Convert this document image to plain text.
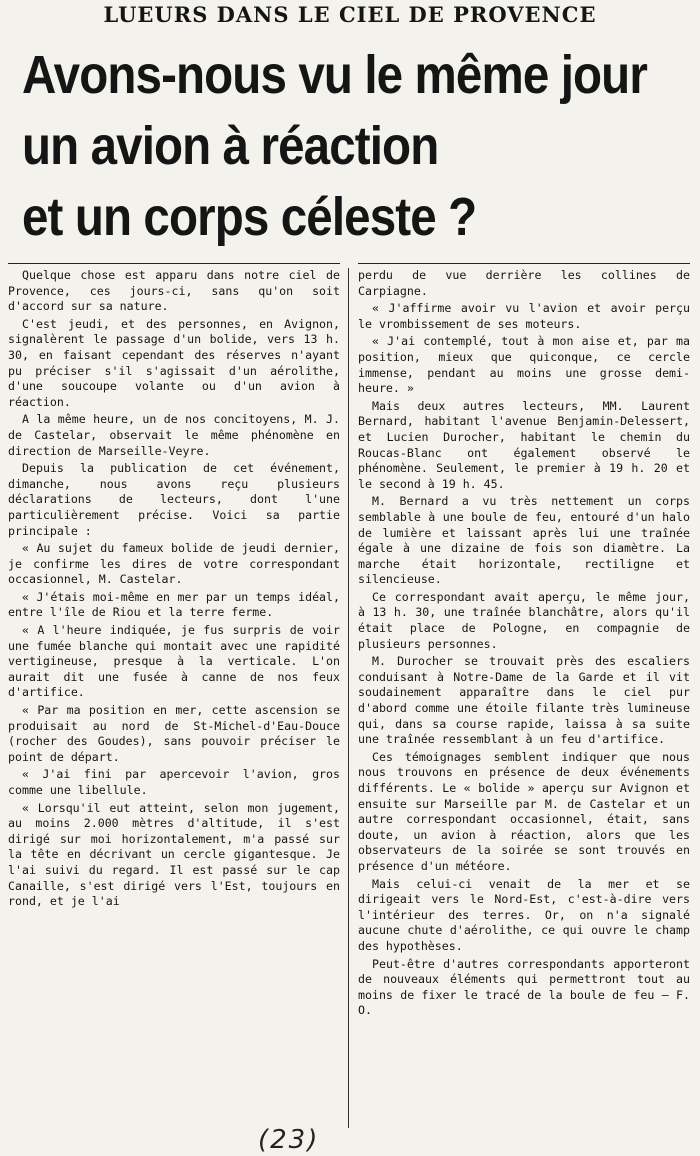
LUEURS DANS LE CIEL DE PROVENCE
Avons-nous vu le même jour
un avion à réaction
et un corps céleste ?

Quelque chose est apparu dans notre ciel de Provence, ces jours-ci, sans qu'on soit d'accord sur sa nature.

C'est jeudi, et des personnes, en Avignon, signalèrent le passage d'un bolide, vers 13 h. 30, en faisant cependant des réserves n'ayant pu préciser s'il s'agissait d'un aérolithe, d'une soucoupe volante ou d'un avion à réaction.

A la même heure, un de nos concitoyens, M. J. de Castelar, observait le même phénomène en direction de Marseille-Veyre.

Depuis la publication de cet événement, dimanche, nous avons reçu plusieurs déclarations de lecteurs, dont l'une particulièrement précise. Voici sa partie principale :

« Au sujet du fameux bolide de jeudi dernier, je confirme les dires de votre correspondant occasionnel, M. Castelar.

« J'étais moi-même en mer par un temps idéal, entre l'île de Riou et la terre ferme.

« A l'heure indiquée, je fus surpris de voir une fumée blanche qui montait avec une rapidité vertigineuse, presque à la verticale. L'on aurait dit une fusée à canne de nos feux d'artifice.

« Par ma position en mer, cette ascension se produisait au nord de St-Michel-d'Eau-Douce (rocher des Goudes), sans pouvoir préciser le point de départ.

« J'ai fini par apercevoir l'avion, gros comme une libellule.

« Lorsqu'il eut atteint, selon mon jugement, au moins 2.000 mètres d'altitude, il s'est dirigé sur moi horizontalement, m'a passé sur la tête en décrivant un cercle gigantesque. Je l'ai suivi du regard. Il est passé sur le cap Canaille, s'est dirigé vers l'Est, toujours en rond, et je l'ai

perdu de vue derrière les collines de Carpiagne.

« J'affirme avoir vu l'avion et avoir perçu le vrombissement de ses moteurs.

« J'ai contemplé, tout à mon aise et, par ma position, mieux que quiconque, ce cercle immense, pendant au moins une grosse demi-heure. »

Mais deux autres lecteurs, MM. Laurent Bernard, habitant l'avenue Benjamin-Delessert, et Lucien Durocher, habitant le chemin du Roucas-Blanc ont également observé le phénomène. Seulement, le premier à 19 h. 20 et le second à 19 h. 45.

M. Bernard a vu très nettement un corps semblable à une boule de feu, entouré d'un halo de lumière et laissant après lui une traînée égale à une dizaine de fois son diamètre. La marche était horizontale, rectiligne et silencieuse.

Ce correspondant avait aperçu, le même jour, à 13 h. 30, une traînée blanchâtre, alors qu'il était place de Pologne, en compagnie de plusieurs personnes.

M. Durocher se trouvait près des escaliers conduisant à Notre-Dame de la Garde et il vit soudainement apparaître dans le ciel pur d'abord comme une étoile filante très lumineuse qui, dans sa course rapide, laissa à sa suite une traînée ressemblant à un feu d'artifice.

Ces témoignages semblent indiquer que nous nous trouvons en présence de deux événements différents. Le « bolide » aperçu sur Avignon et ensuite sur Marseille par M. de Castelar et un autre correspondant occasionnel, était, sans doute, un avion à réaction, alors que les observateurs de la soirée se sont trouvés en présence d'un météore.

Mais celui-ci venait de la mer et se dirigeait vers le Nord-Est, c'est-à-dire vers l'intérieur des terres. Or, on n'a signalé aucune chute d'aérolithe, ce qui ouvre le champ des hypothèses.

Peut-être d'autres correspondants apporteront de nouveaux éléments qui permettront tout au moins de fixer le tracé de la boule de feu — F. O.

(23)
